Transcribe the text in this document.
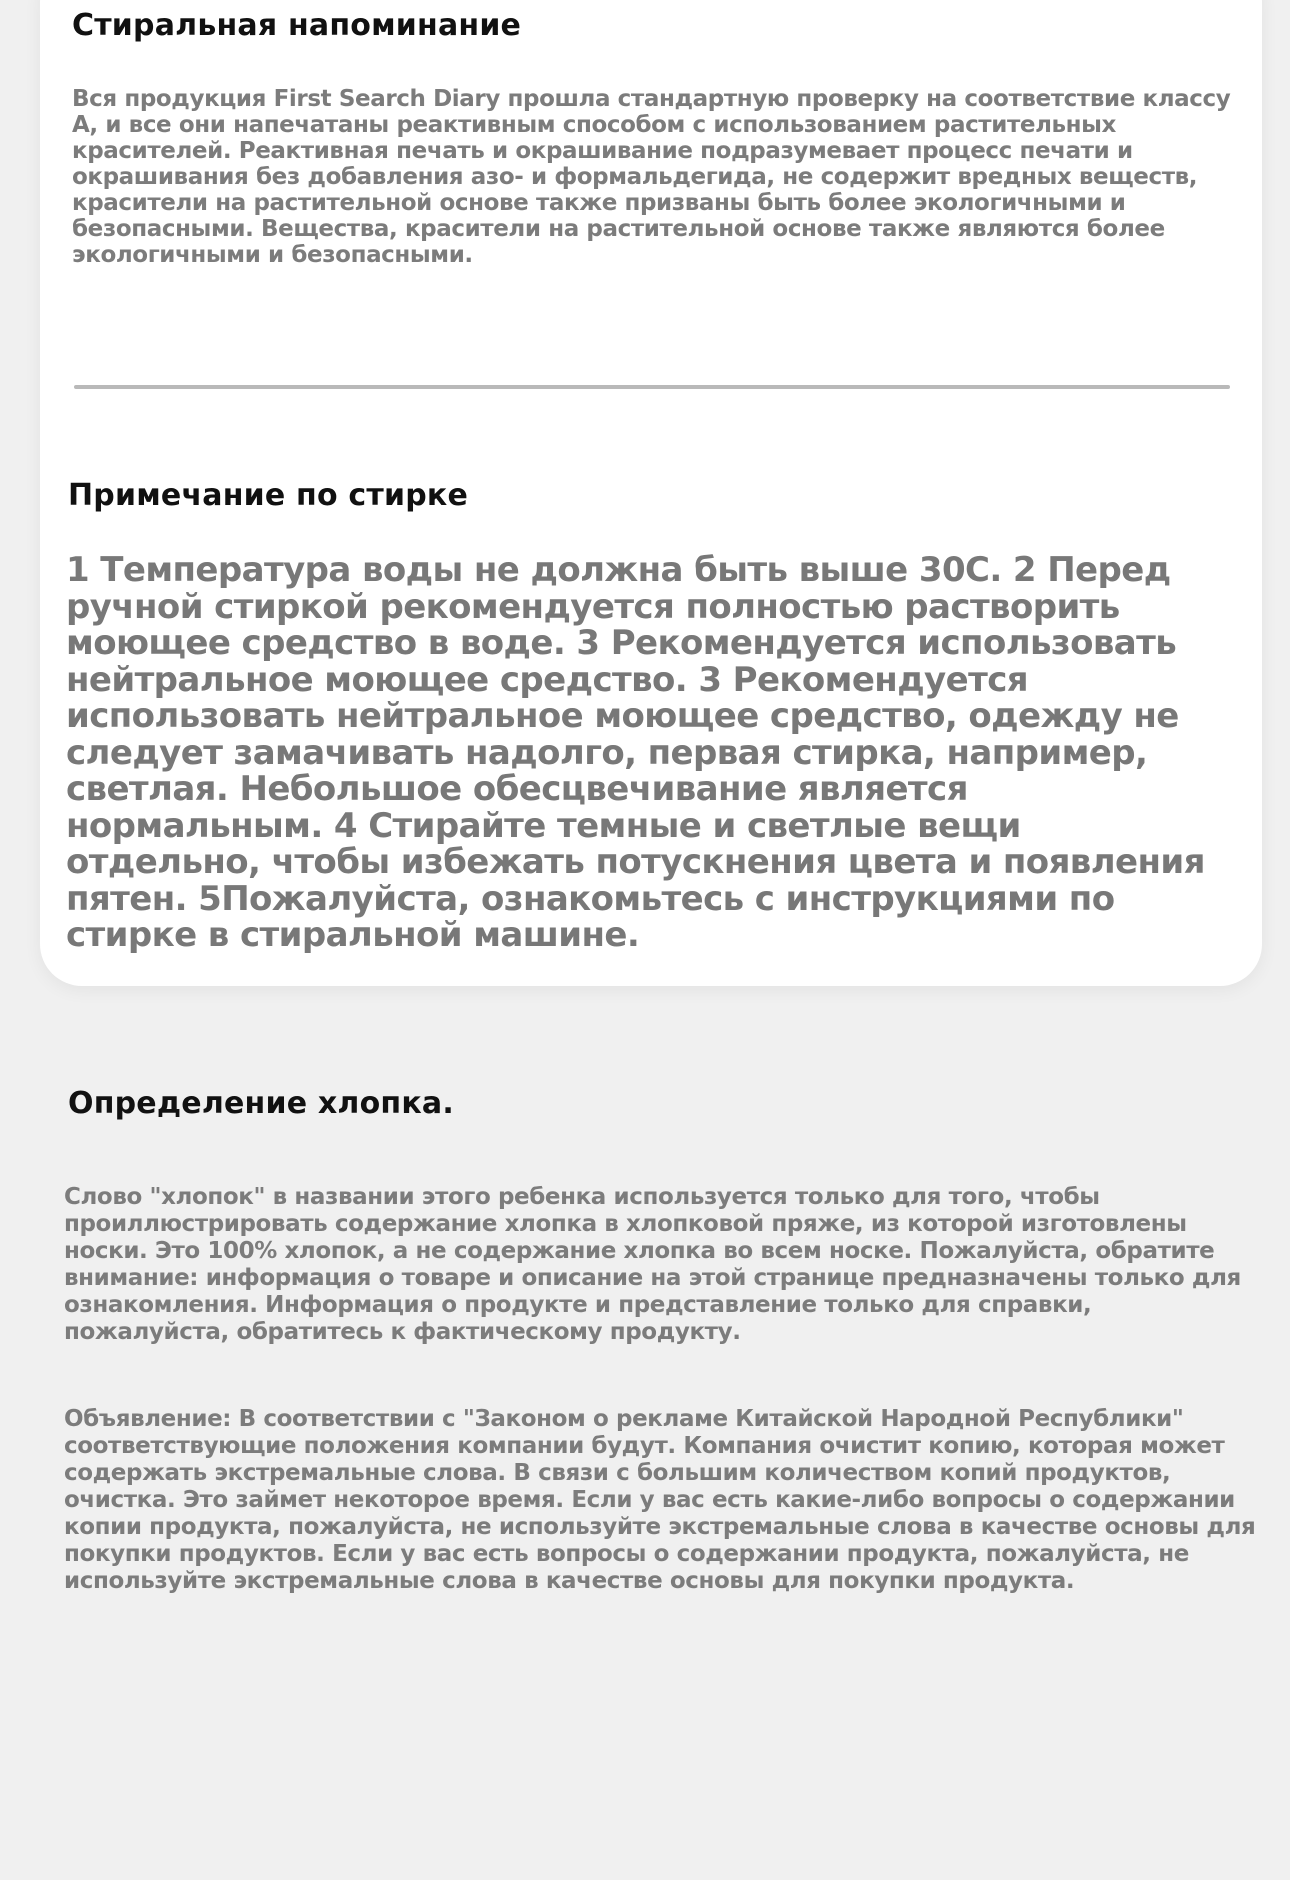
Стиральная напоминание

Вся продукция First Search Diary прошла стандартную проверку на соответствие классу А, и все они напечатаны реактивным способом с использованием растительных красителей. Реактивная печать и окрашивание подразумевает процесс печати и окрашивания без добавления азо- и формальдегида, не содержит вредных веществ, красители на растительной основе также призваны быть более экологичными и безопасными. Вещества, красители на растительной основе также являются более экологичными и безопасными.

Примечание по стирке

1 Температура воды не должна быть выше 30С. 2 Перед ручной стиркой рекомендуется полностью растворить моющее средство в воде. 3 Рекомендуется использовать нейтральное моющее средство. 3 Рекомендуется использовать нейтральное моющее средство, одежду не следует замачивать надолго, первая стирка, например, светлая. Небольшое обесцвечивание является нормальным. 4 Стирайте темные и светлые вещи отдельно, чтобы избежать потускнения цвета и появления пятен. 5Пожалуйста, ознакомьтесь с инструкциями по стирке в стиральной машине.

Определение хлопка.

Слово "хлопок" в названии этого ребенка используется только для того, чтобы проиллюстрировать содержание хлопка в хлопковой пряже, из которой изготовлены носки. Это 100% хлопок, а не содержание хлопка во всем носке. Пожалуйста, обратите внимание: информация о товаре и описание на этой странице предназначены только для ознакомления. Информация о продукте и представление только для справки, пожалуйста, обратитесь к фактическому продукту.

Объявление: В соответствии с "Законом о рекламе Китайской Народной Республики" соответствующие положения компании будут. Компания очистит копию, которая может содержать экстремальные слова. В связи с большим количеством копий продуктов, очистка. Это займет некоторое время. Если у вас есть какие-либо вопросы о содержании копии продукта, пожалуйста, не используйте экстремальные слова в качестве основы для покупки продуктов. Если у вас есть вопросы о содержании продукта, пожалуйста, не используйте экстремальные слова в качестве основы для покупки продукта.
